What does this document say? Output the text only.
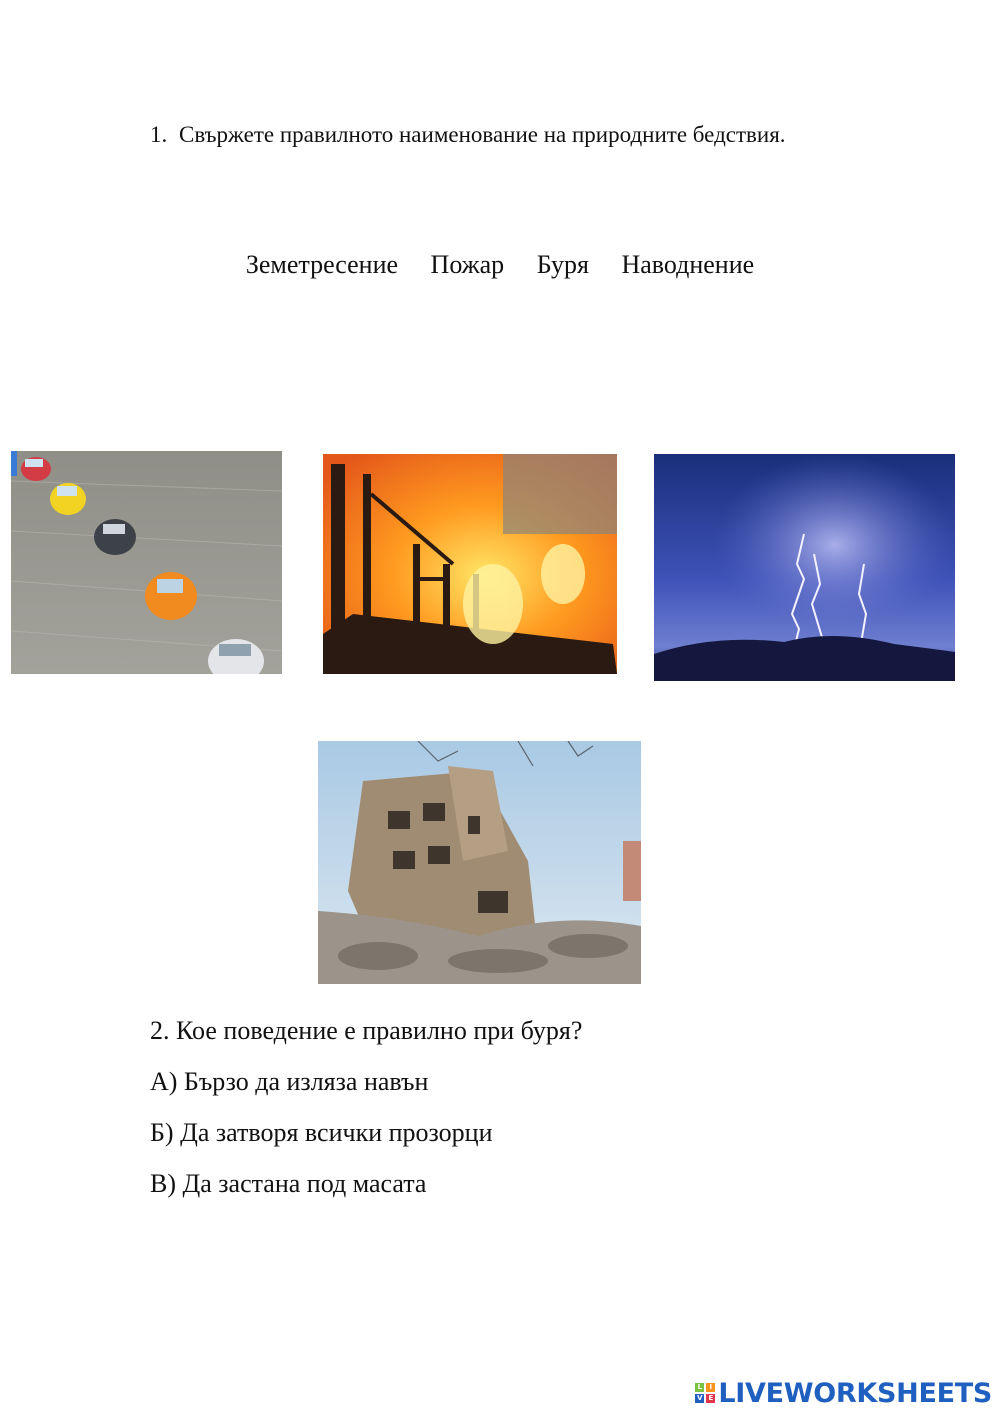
1. Свържете правилното наименование на природните бедствия.
Земетресение Пожар Буря Наводнение
2. Кое поведение е правилно при буря?
А) Бързо да изляза навън
Б) Да затворя всички прозорци
В) Да застана под масата
L	I
V E LIVEWORKSHEETS
